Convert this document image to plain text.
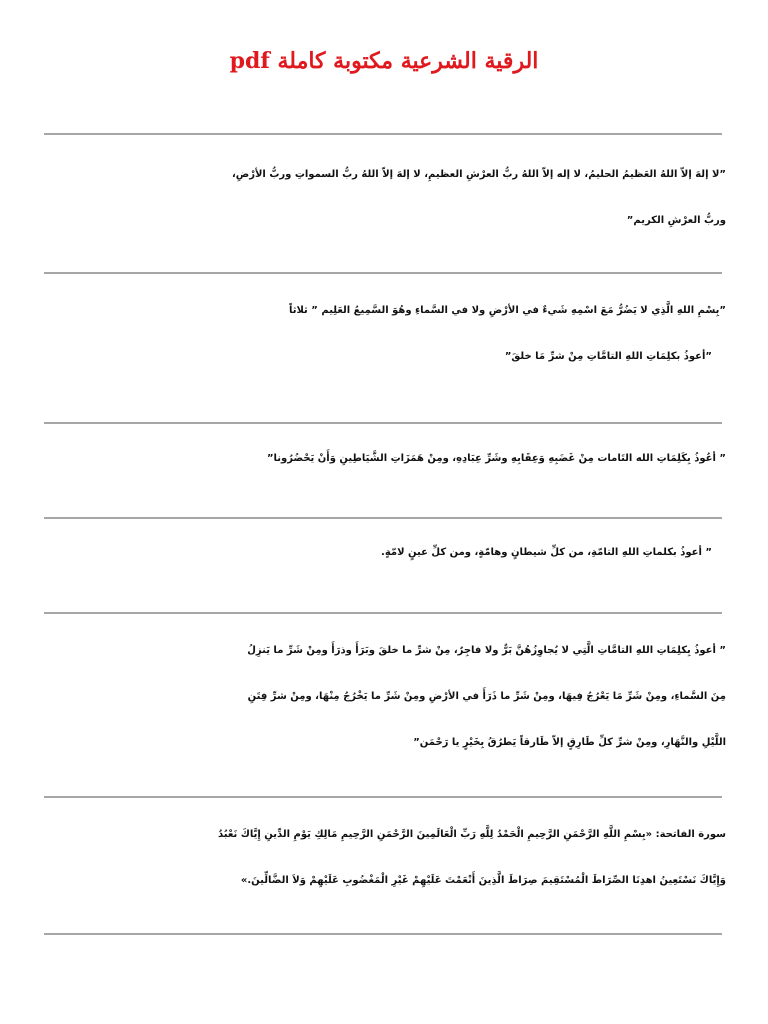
الرقية الشرعية مكتوبة كاملة pdf
”لا إلهَ إلاّ اللهُ العَظيمُ الحليمُ، لا إله إلاّ اللهُ ربُّ العرْشِ العظيمِ، لا إلهَ إلاّ اللهُ ربُّ السمواتِ وربُّ الأرْضِ،
وربُّ العرْشِ الكريم”
”بِسْمِ اللهِ الَّذِي لا يَضُرُّ مَعَ اسْمِهِ شَيءٌ في الأرْضِ ولا في السَّماءِ وهُوَ السَّمِيعُ العَلِيم ” ثلاثاً
”أعوذُ بكلِمَاتِ اللهِ التامَّاتِ مِنْ شرِّ مَا خلقَ”
” أعُوذُ بِكَلِمَاتِ الله التَامات مِنْ غَضَبِهِ وَعِقَابِهِ وشَرِّ عِبَادِهِ، ومِنْ هَمَزَاتِ الشَّيَاطِينِ وَأَنْ يَحْضُرُونا”
” أعوذُ بكلماتِ اللهِ التامّةِ، من كلِّ شيطانٍ وهامّةٍ، ومن كلِّ عينٍ لامّةٍ.
” أعوذُ بِكلِمَاتِ اللهِ التامَّاتِ الَّتِي لا يُجاوِزُهُنَّ بَرٌّ ولا فاجِرٌ، مِنْ شرِّ ما خلقَ وبَرَأَ وذرَأَ ومِنْ شَرِّ ما يَنزِلُ
مِنَ السَّماءِ، ومِنْ شَرِّ مَا يَعْرُجُ فِيهَا، ومِنْ شَرِّ ما ذَرَأَ في الأرْضِ ومِنْ شَرِّ ما يَخْرُجُ مِنْهَا، ومِنْ شرِّ فِتَنِ
اللَّيْلِ والنَّهَارِ، ومِنْ شرِّ كلِّ طَارِقٍ إلاّ طَارقاً يَطرُقُ بِخَيْرٍ يا رَحْمَن”
سورة الفاتحة: «بِسْمِ اللَّهِ الرَّحْمَنِ الرَّحِيمِ الْحَمْدُ لِلَّهِ رَبِّ الْعَالَمِينَ الرَّحْمَنِ الرَّحِيمِ مَالِكِ يَوْمِ الدِّينِ إِيَّاكَ نَعْبُدُ
وَإِيَّاكَ نَسْتَعِينُ اهدِنَا الصِّرَاطَ الْمُسْتَقِيمَ صِرَاطَ الَّذِينَ أَنْعَمْتَ عَلَيْهِمْ غَيْرِ الْمَغْضُوبِ عَلَيْهِمْ وَلاَ الضَّالِّينَ.»
